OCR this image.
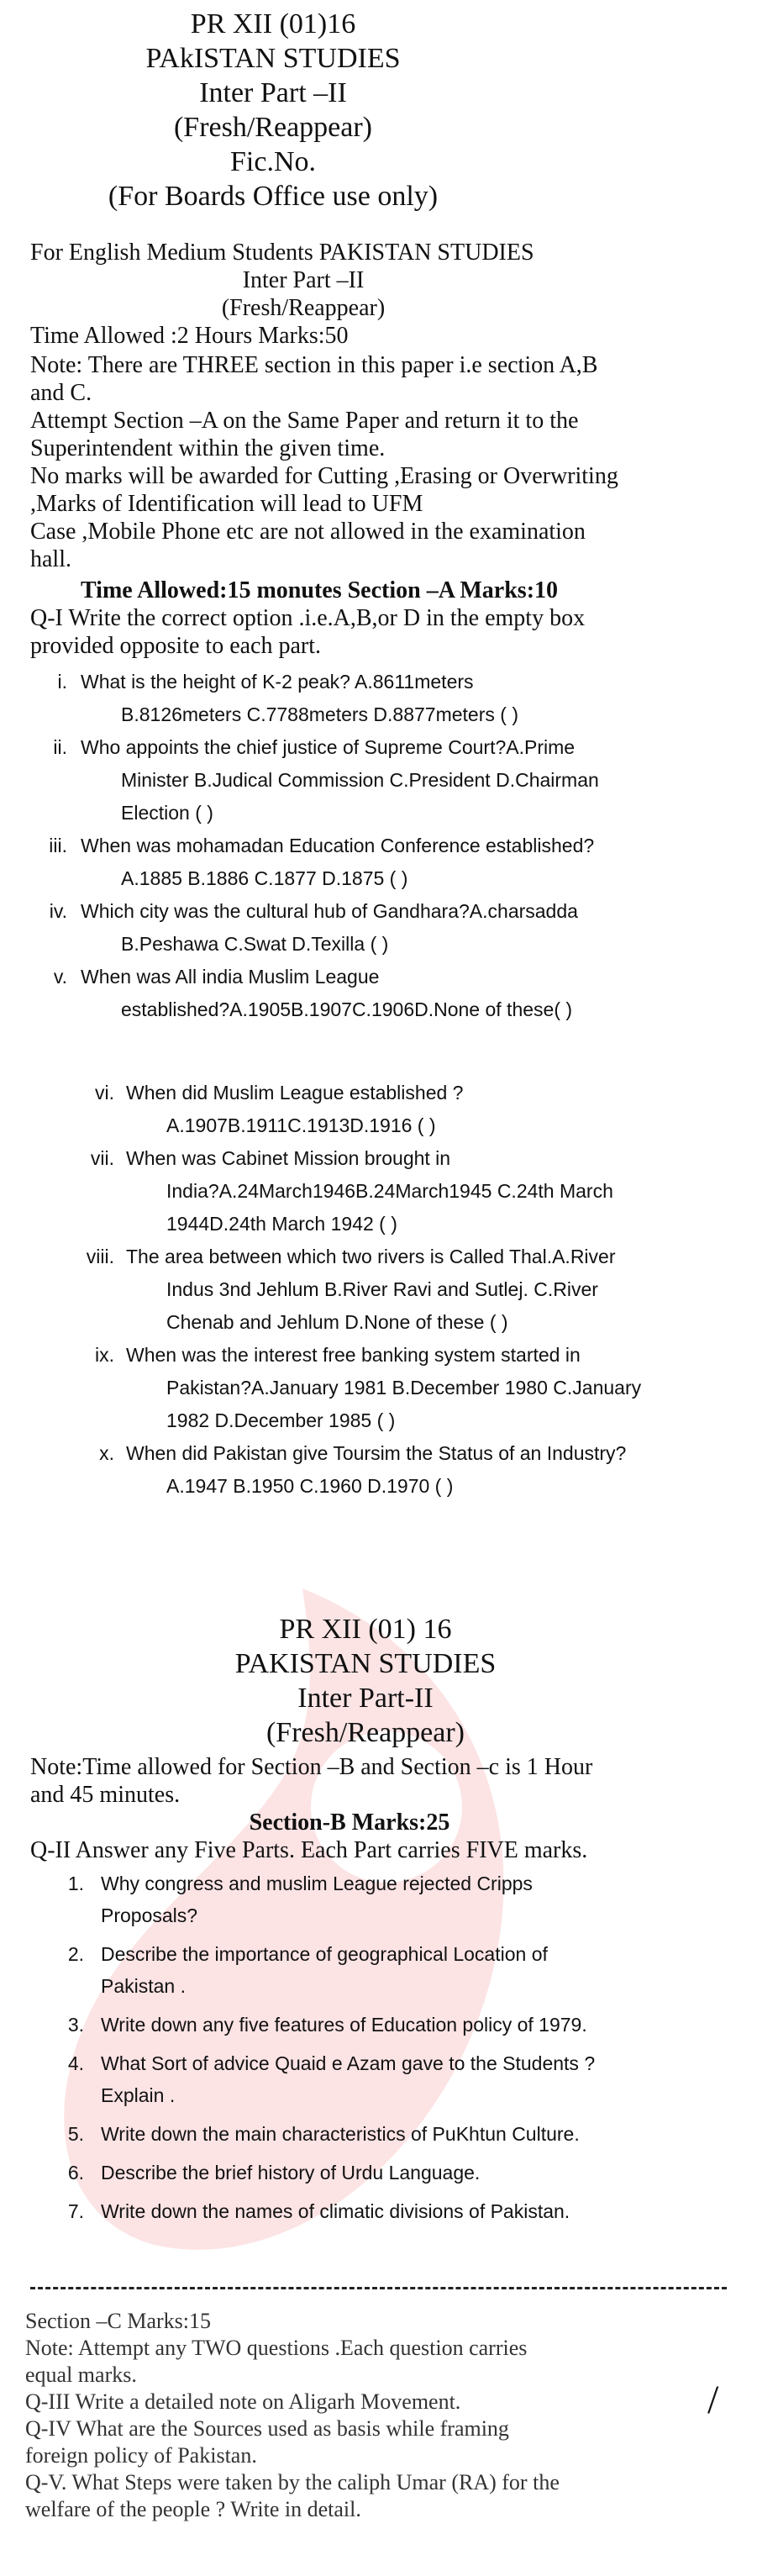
PR XII (01)16

PAkISTAN STUDIES

Inter Part –II

(Fresh/Reappear)

Fic.No.

(For Boards Office use only)

For English Medium Students PAKISTAN STUDIES

Inter Part –II

(Fresh/Reappear)

Time Allowed :2 Hours Marks:50

Note: There are THREE section in this paper i.e section A,B

and C.

Attempt Section –A on the Same Paper and return it to the

Superintendent within the given time.

No marks will be awarded for Cutting ,Erasing or Overwriting

,Marks of Identification will lead to UFM

Case ,Mobile Phone etc are not allowed in the examination

hall.

Time Allowed:15 monutes Section –A Marks:10

Q-I Write the correct option .i.e.A,B,or D in the empty box

provided opposite to each part.

i. What is the height of K-2 peak? A.8611meters

B.8126meters C.7788meters D.8877meters ( )

ii. Who appoints the chief justice of Supreme Court?A.Prime

Minister B.Judical Commission C.President D.Chairman

Election ( )

iii. When was mohamadan Education Conference established?

A.1885 B.1886 C.1877 D.1875 ( )

iv. Which city was the cultural hub of Gandhara?A.charsadda

B.Peshawa C.Swat D.Texilla ( )

v. When was All india Muslim League

established?A.1905B.1907C.1906D.None of these( )

vi. When did Muslim League established ?

A.1907B.1911C.1913D.1916 ( )

vii. When was Cabinet Mission brought in

India?A.24March1946B.24March1945 C.24th March

1944D.24th March 1942 ( )

viii. The area between which two rivers is Called Thal.A.River

Indus 3nd Jehlum B.River Ravi and Sutlej. C.River

Chenab and Jehlum D.None of these ( )

ix. When was the interest free banking system started in

Pakistan?A.January 1981 B.December 1980 C.January

1982 D.December 1985 ( )

x. When did Pakistan give Toursim the Status of an Industry?

A.1947 B.1950 C.1960 D.1970 ( )

PR XII (01) 16

PAKISTAN STUDIES

Inter Part-II

(Fresh/Reappear)

Note:Time allowed for Section –B and Section –c is 1 Hour

and 45 minutes.

Section-B Marks:25

Q-II Answer any Five Parts. Each Part carries FIVE marks.

1. Why congress and muslim League rejected Cripps

Proposals?

2. Describe the importance of geographical Location of

Pakistan .

3. Write down any five features of Education policy of 1979.

4. What Sort of advice Quaid e Azam gave to the Students ?

Explain .

5. Write down the main characteristics of PuKhtun Culture.

6. Describe the brief history of Urdu Language.

7. Write down the names of climatic divisions of Pakistan.

Section –C Marks:15

Note: Attempt any TWO questions .Each question carries

equal marks.

Q-III Write a detailed note on Aligarh Movement.

Q-IV What are the Sources used as basis while framing

foreign policy of Pakistan.

Q-V. What Steps were taken by the caliph Umar (RA) for the

welfare of the people ? Write in detail.

/
